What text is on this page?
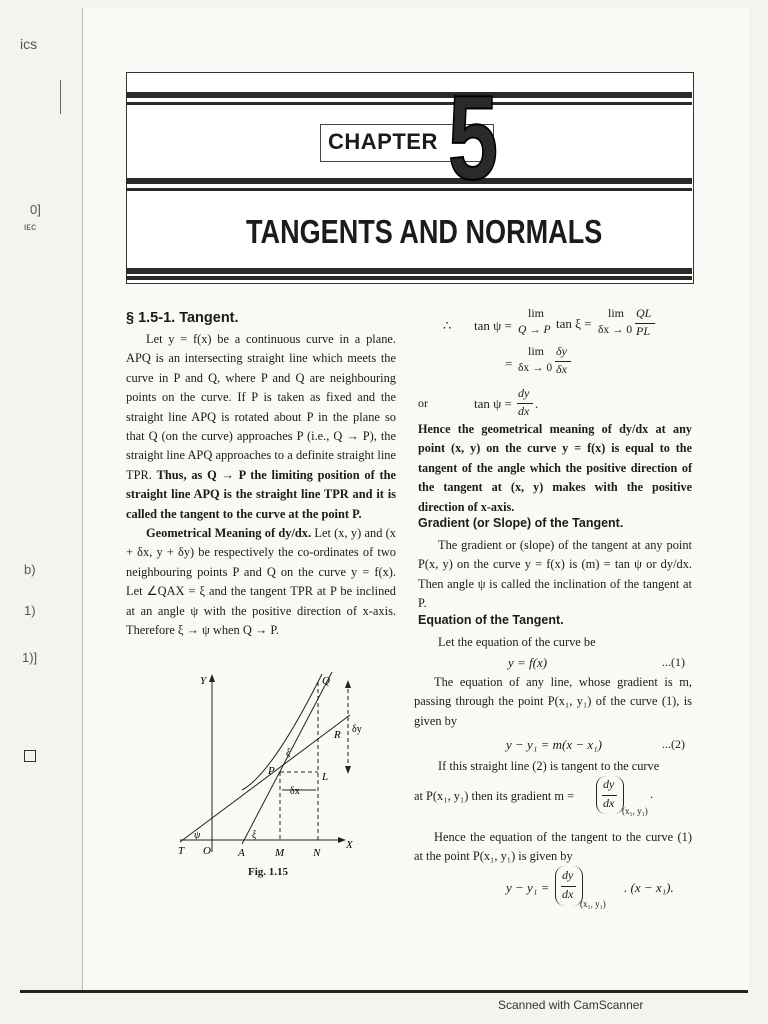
ics
0]
ιᴇc
b)
1)
1)]
CHAPTER 5
TANGENTS AND NORMALS
§ 1.5-1. Tangent.

Let y = f(x) be a continuous curve in a plane. APQ is an intersecting straight line which meets the curve in P and Q, where P and Q are neighbouring points on the curve. If P is taken as fixed and the straight line APQ is rotated about P in the plane so that Q (on the curve) approaches P (i.e., Q → P), the straight line APQ approaches to a definite straight line TPR. Thus, as Q → P the limiting position of the straight line APQ is the straight line TPR and it is called the tangent to the curve at the point P.

Geometrical Meaning of dy/dx. Let (x, y) and (x + δx, y + δy) be respectively the co-ordinates of two neighbouring points P and Q on the curve y = f(x). Let ∠QAX = ξ and the tangent TPR at P be inclined at an angle ψ with the positive direction of x-axis. Therefore ξ → ψ when Q → P.

Y
X
T O A	M	N
P
Q
R
L
δx
δy
ψ	ξ
ξ
Fig. 1.15
∴ tan ψ =
lim
Q → P tan ξ =
lim
δx → 0
QL
PL
=
lim
δx → 0
δy
δx
or	tan ψ =
dy
dx .
Hence the geometrical meaning of dy/dx at any point (x, y) on the curve y = f(x) is equal to the tangent of the angle which the positive direction of the tangent at (x, y) makes with the positive direction of x-axis.
Gradient (or Slope) of the Tangent.
The gradient or (slope) of the tangent at any point P(x, y) on the curve y = f(x) is (m) = tan ψ or dy/dx. Then angle ψ is called the inclination of the tangent at P.
Equation of the Tangent.
Let the equation of the curve be
y = f(x)	...(1)
The equation of any line, whose gradient is m, passing through the point P(x₁, y₁) of the curve (1), is given by
y − y₁ = m(x − x₁)	...(2)
If this straight line (2) is tangent to the curve
at P(x₁, y₁) then its gradient m =
dy
dx
(x₁, y₁)
.
Hence the equation of the tangent to the curve (1) at the point P(x₁, y₁) is given by
y − y₁ =
dy
dx
(x₁, y₁)
. (x − x₁).
Scanned with CamScanner
